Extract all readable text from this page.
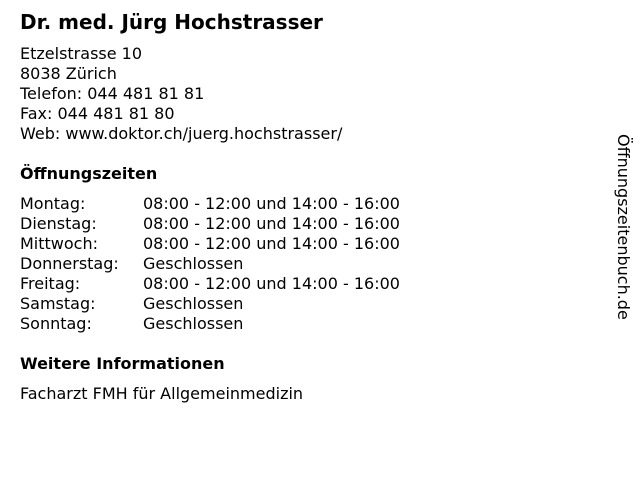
Dr. med. Jürg Hochstrasser
Etzelstrasse 10
8038 Zürich
Telefon: 044 481 81 81
Fax: 044 481 81 80
Web: www.doktor.ch/juerg.hochstrasser/
Öffnungszeiten
Montag:	08:00 - 12:00 und 14:00 - 16:00
Dienstag:	08:00 - 12:00 und 14:00 - 16:00
Mittwoch:	08:00 - 12:00 und 14:00 - 16:00
Donnerstag:	Geschlossen
Freitag:	08:00 - 12:00 und 14:00 - 16:00
Samstag:	Geschlossen
Sonntag:	Geschlossen
Weitere Informationen
Facharzt FMH für Allgemeinmedizin
Öffnungszeitenbuch.de
